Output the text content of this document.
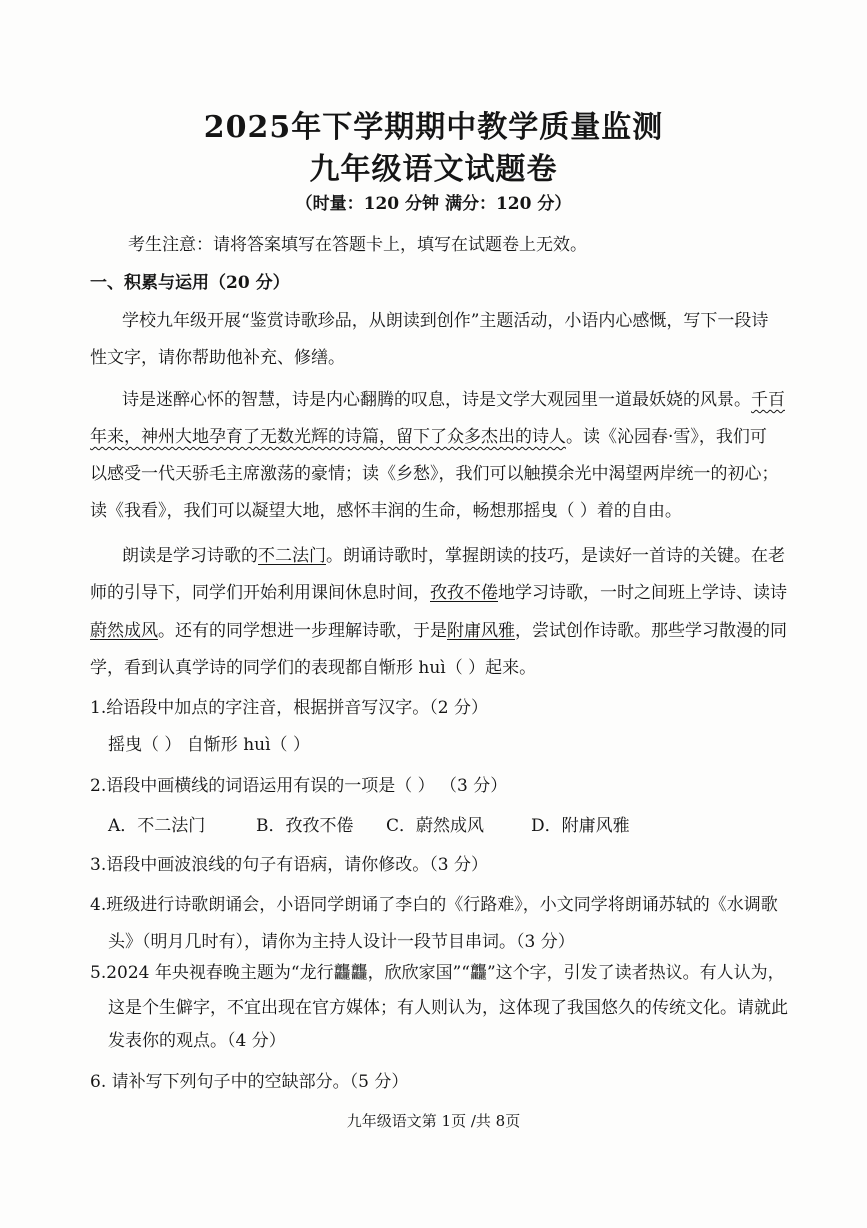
2025年下学期期中教学质量监测
九年级语文试题卷
（时量：120 分钟 满分：120 分）
考生注意：请将答案填写在答题卡上，填写在试题卷上无效。
一、积累与运用（20 分）
学校九年级开展“鉴赏诗歌珍品，从朗读到创作”主题活动，小语内心感慨，写下一段诗
性文字，请你帮助他补充、修缮。
诗是迷醉心怀的智慧，诗是内心翻腾的叹息，诗是文学大观园里一道最妖娆的风景。千百
年来，神州大地孕育了无数光辉的诗篇，留下了众多杰出的诗人。读《沁园春·雪》，我们可
以感受一代天骄毛主席激荡的豪情；读《乡愁》，我们可以触摸余光中渴望两岸统一的初心；
读《我看》，我们可以凝望大地，感怀丰润的生命，畅想那摇曳（ ）着的自由。
朗读是学习诗歌的不二法门。朗诵诗歌时，掌握朗读的技巧，是读好一首诗的关键。在老
师的引导下，同学们开始利用课间休息时间，孜孜不倦地学习诗歌，一时之间班上学诗、读诗
蔚然成风。还有的同学想进一步理解诗歌，于是附庸风雅，尝试创作诗歌。那些学习散漫的同
学，看到认真学诗的同学们的表现都自惭形 huì（ ）起来。
1.给语段中加点的字注音，根据拼音写汉字。（2 分）
摇曳（ ） 自惭形 huì（ ）
2.语段中画横线的词语运用有误的一项是（ ） （3 分）
A．不二法门	B．孜孜不倦 C．蔚然成风	D．附庸风雅
3.语段中画波浪线的句子有语病，请你修改。（3 分）
4.班级进行诗歌朗诵会，小语同学朗诵了李白的《行路难》，小文同学将朗诵苏轼的《水调歌
头》（明月几时有），请你为主持人设计一段节目串词。（3 分）
5.2024 年央视春晚主题为“龙行龘龘，欣欣家国”“龘”这个字，引发了读者热议。有人认为，
这是个生僻字，不宜出现在官方媒体；有人则认为，这体现了我国悠久的传统文化。请就此
发表你的观点。（4 分）
6. 请补写下列句子中的空缺部分。（5 分）
九年级语文第 1页 /共 8页
